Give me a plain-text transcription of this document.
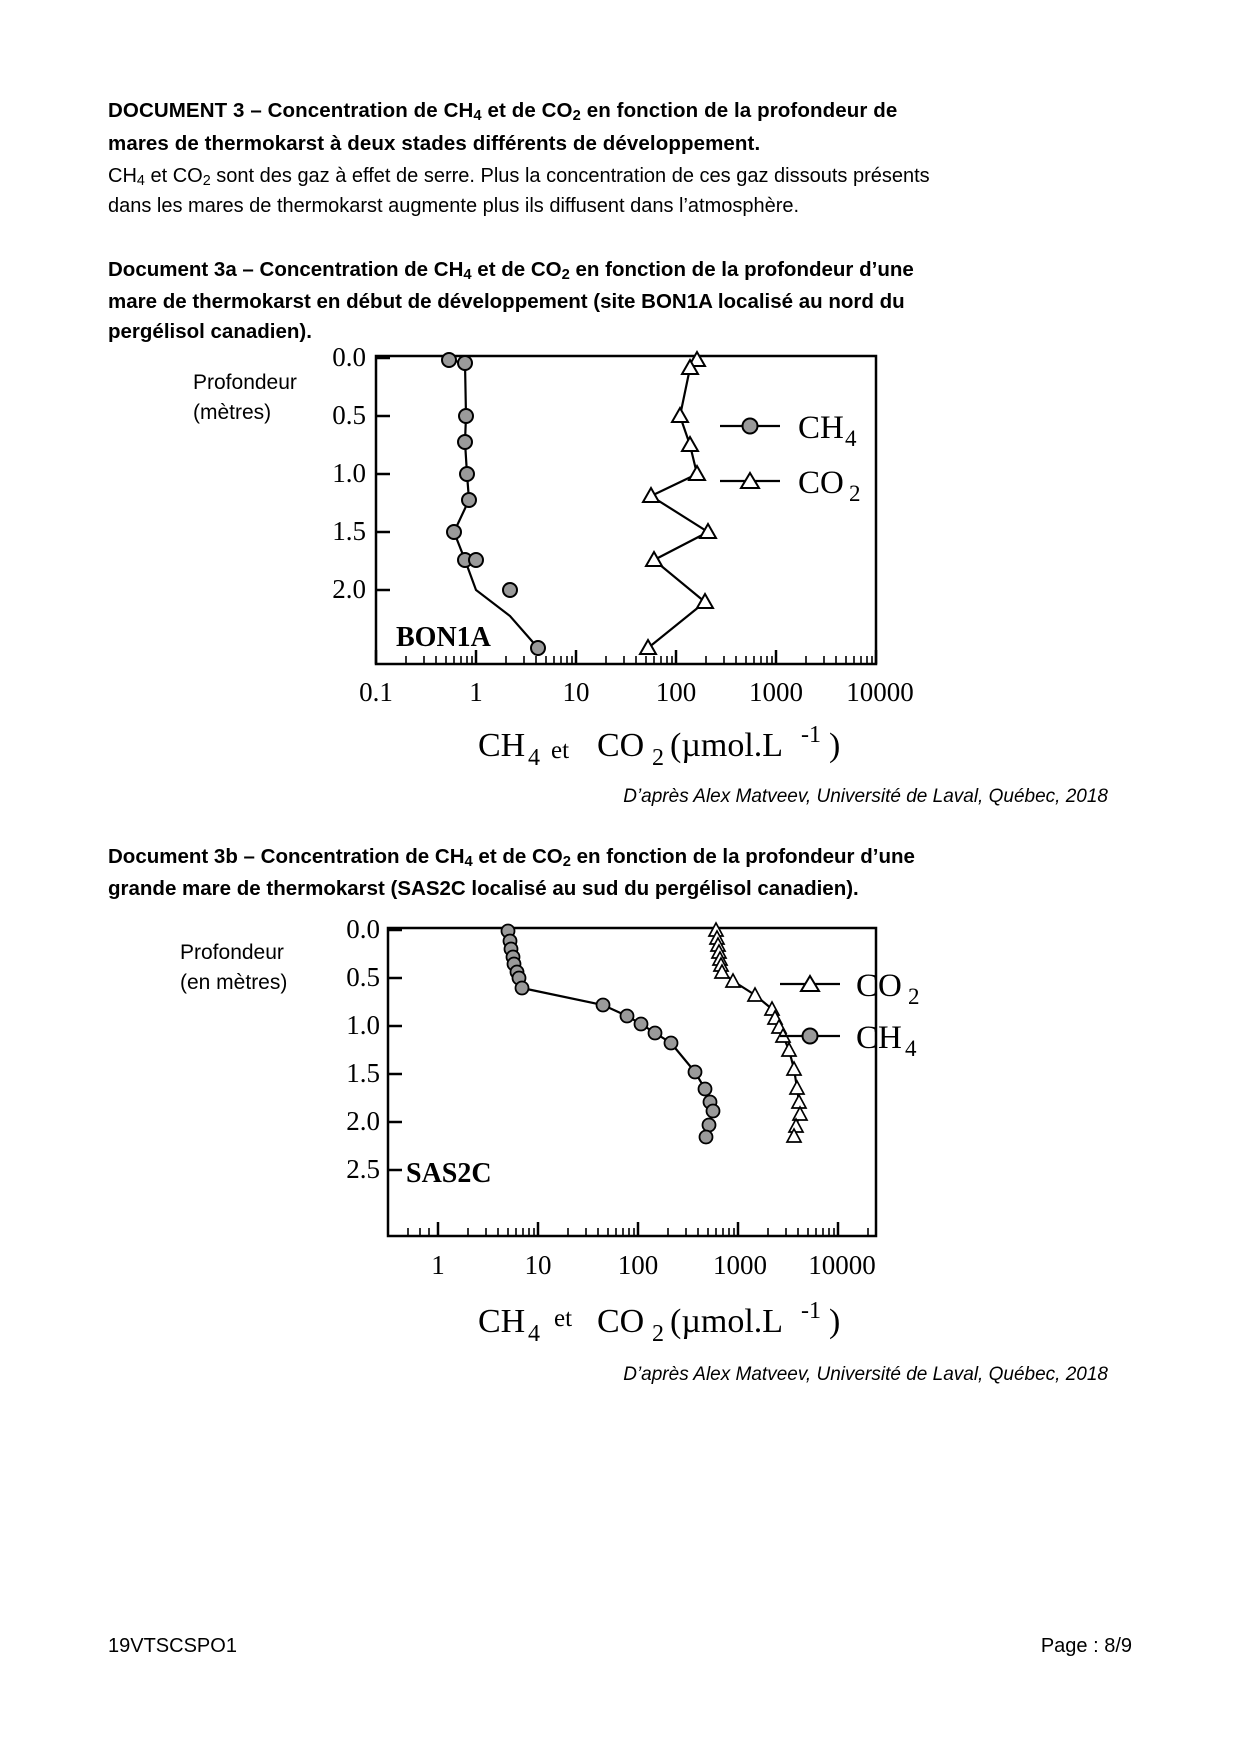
DOCUMENT 3 – Concentration de $CH_4$ et de $CO_2$ en fonction de la profondeur de

mares de thermokarst à deux stades différents de développement.

$CH_4$ et $CO_2$ sont des gaz à effet de serre. Plus la concentration de ces gaz dissouts présents

dans les mares de thermokarst augmente plus ils diffusent dans l’atmosphère.

Document 3a – Concentration de $CH_4$ et de $CO_2$ en fonction de la profondeur d’une

mare de thermokarst en début de développement (site BON1A localisé au nord du

pergélisol canadien).

Profondeur
(mètres)
0.0
0.5
1.0
1.5
2.0
0.1	1	10 100 1000 10000
BON1A
CH 4
CO 2
CH 4 et CO 2 (µmol.L -1 )

D’après Alex Matveev, Université de Laval, Québec, 2018

Document 3b – Concentration de $CH_4$ et de $CO_2$ en fonction de la profondeur d’une

grande mare de thermokarst (SAS2C localisé au sud du pergélisol canadien).

Profondeur
(en mètres)
0.0
0.5
1.0
1.5
2.0
2.5
1	10 100 1000 10000
SAS2C
CO 2
CH 4
CH 4
et CO 2 (µmol.L -1 )

D’après Alex Matveev, Université de Laval, Québec, 2018

19VTSCSPO1	Page : 8/9
